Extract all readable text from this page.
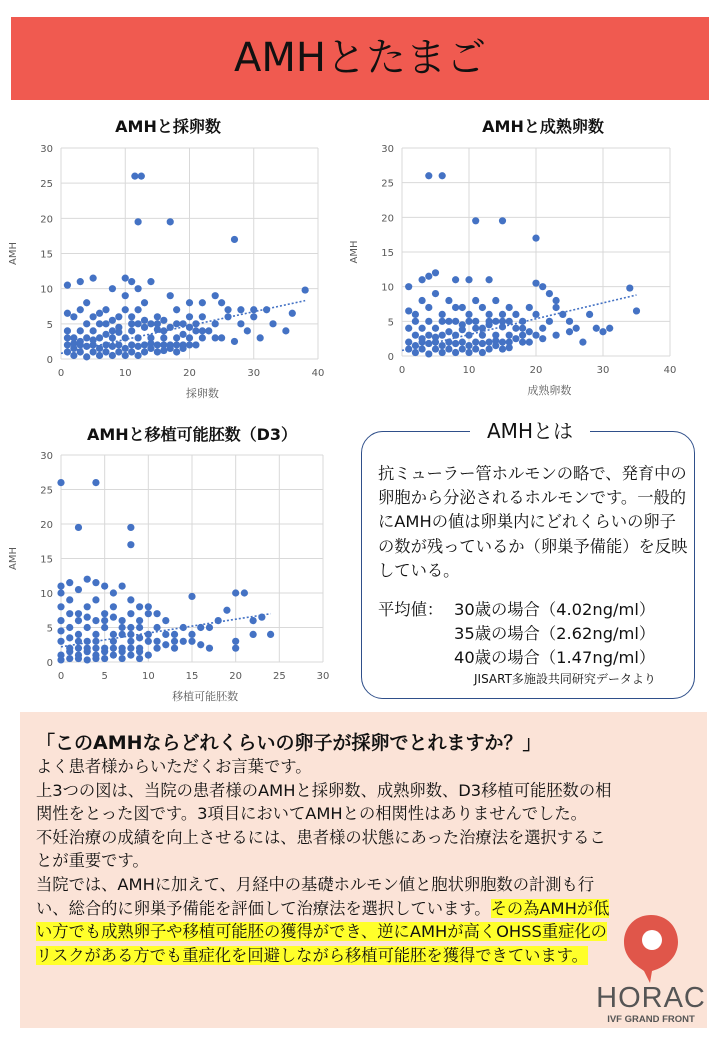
AMHとたまご
AMHと採卵数
0
5
10
15
20
25
30
0	10	20	30	40
採卵数
AMH
AMHと成熟卵数
0
5
10
15
20
25
30
0	10	20	30	40
成熟卵数
AMH
AMHと移植可能胚数（D3）
0
5
10
15
20
25
30
0	5	10	15	20	25	30
移植可能胚数
AMH
AMHとは
抗ミューラー管ホルモンの略で、発育中の卵胞から分泌されるホルモンです。一般的にAMHの値は卵巣内にどれくらいの卵子の数が残っているか（卵巣予備能）を反映している。
平均値： 30歳の場合（4.02ng/ml）
35歳の場合（2.62ng/ml）
40歳の場合（1.47ng/ml）
JISART多施設共同研究データより
「このAMHならどれくらいの卵子が採卵でとれますか？」

よく患者様からいただくお言葉です。

上3つの図は、当院の患者様のAMHと採卵数、成熟卵数、D3移植可能胚数の相関性をとった図です。3項目においてAMHとの相関性はありませんでした。

不妊治療の成績を向上させるには、患者様の状態にあった治療法を選択することが重要です。

当院では、AMHに加えて、月経中の基礎ホルモン値と胞状卵胞数の計測も行い、総合的に卵巣予備能を評価して治療法を選択しています。その為AMHが低い方でも成熟卵子や移植可能胚の獲得ができ、逆にAMHが高くOHSS重症化のリスクがある方でも重症化を回避しながら移植可能胚を獲得できています。

HORAC
IVF GRAND FRONT
